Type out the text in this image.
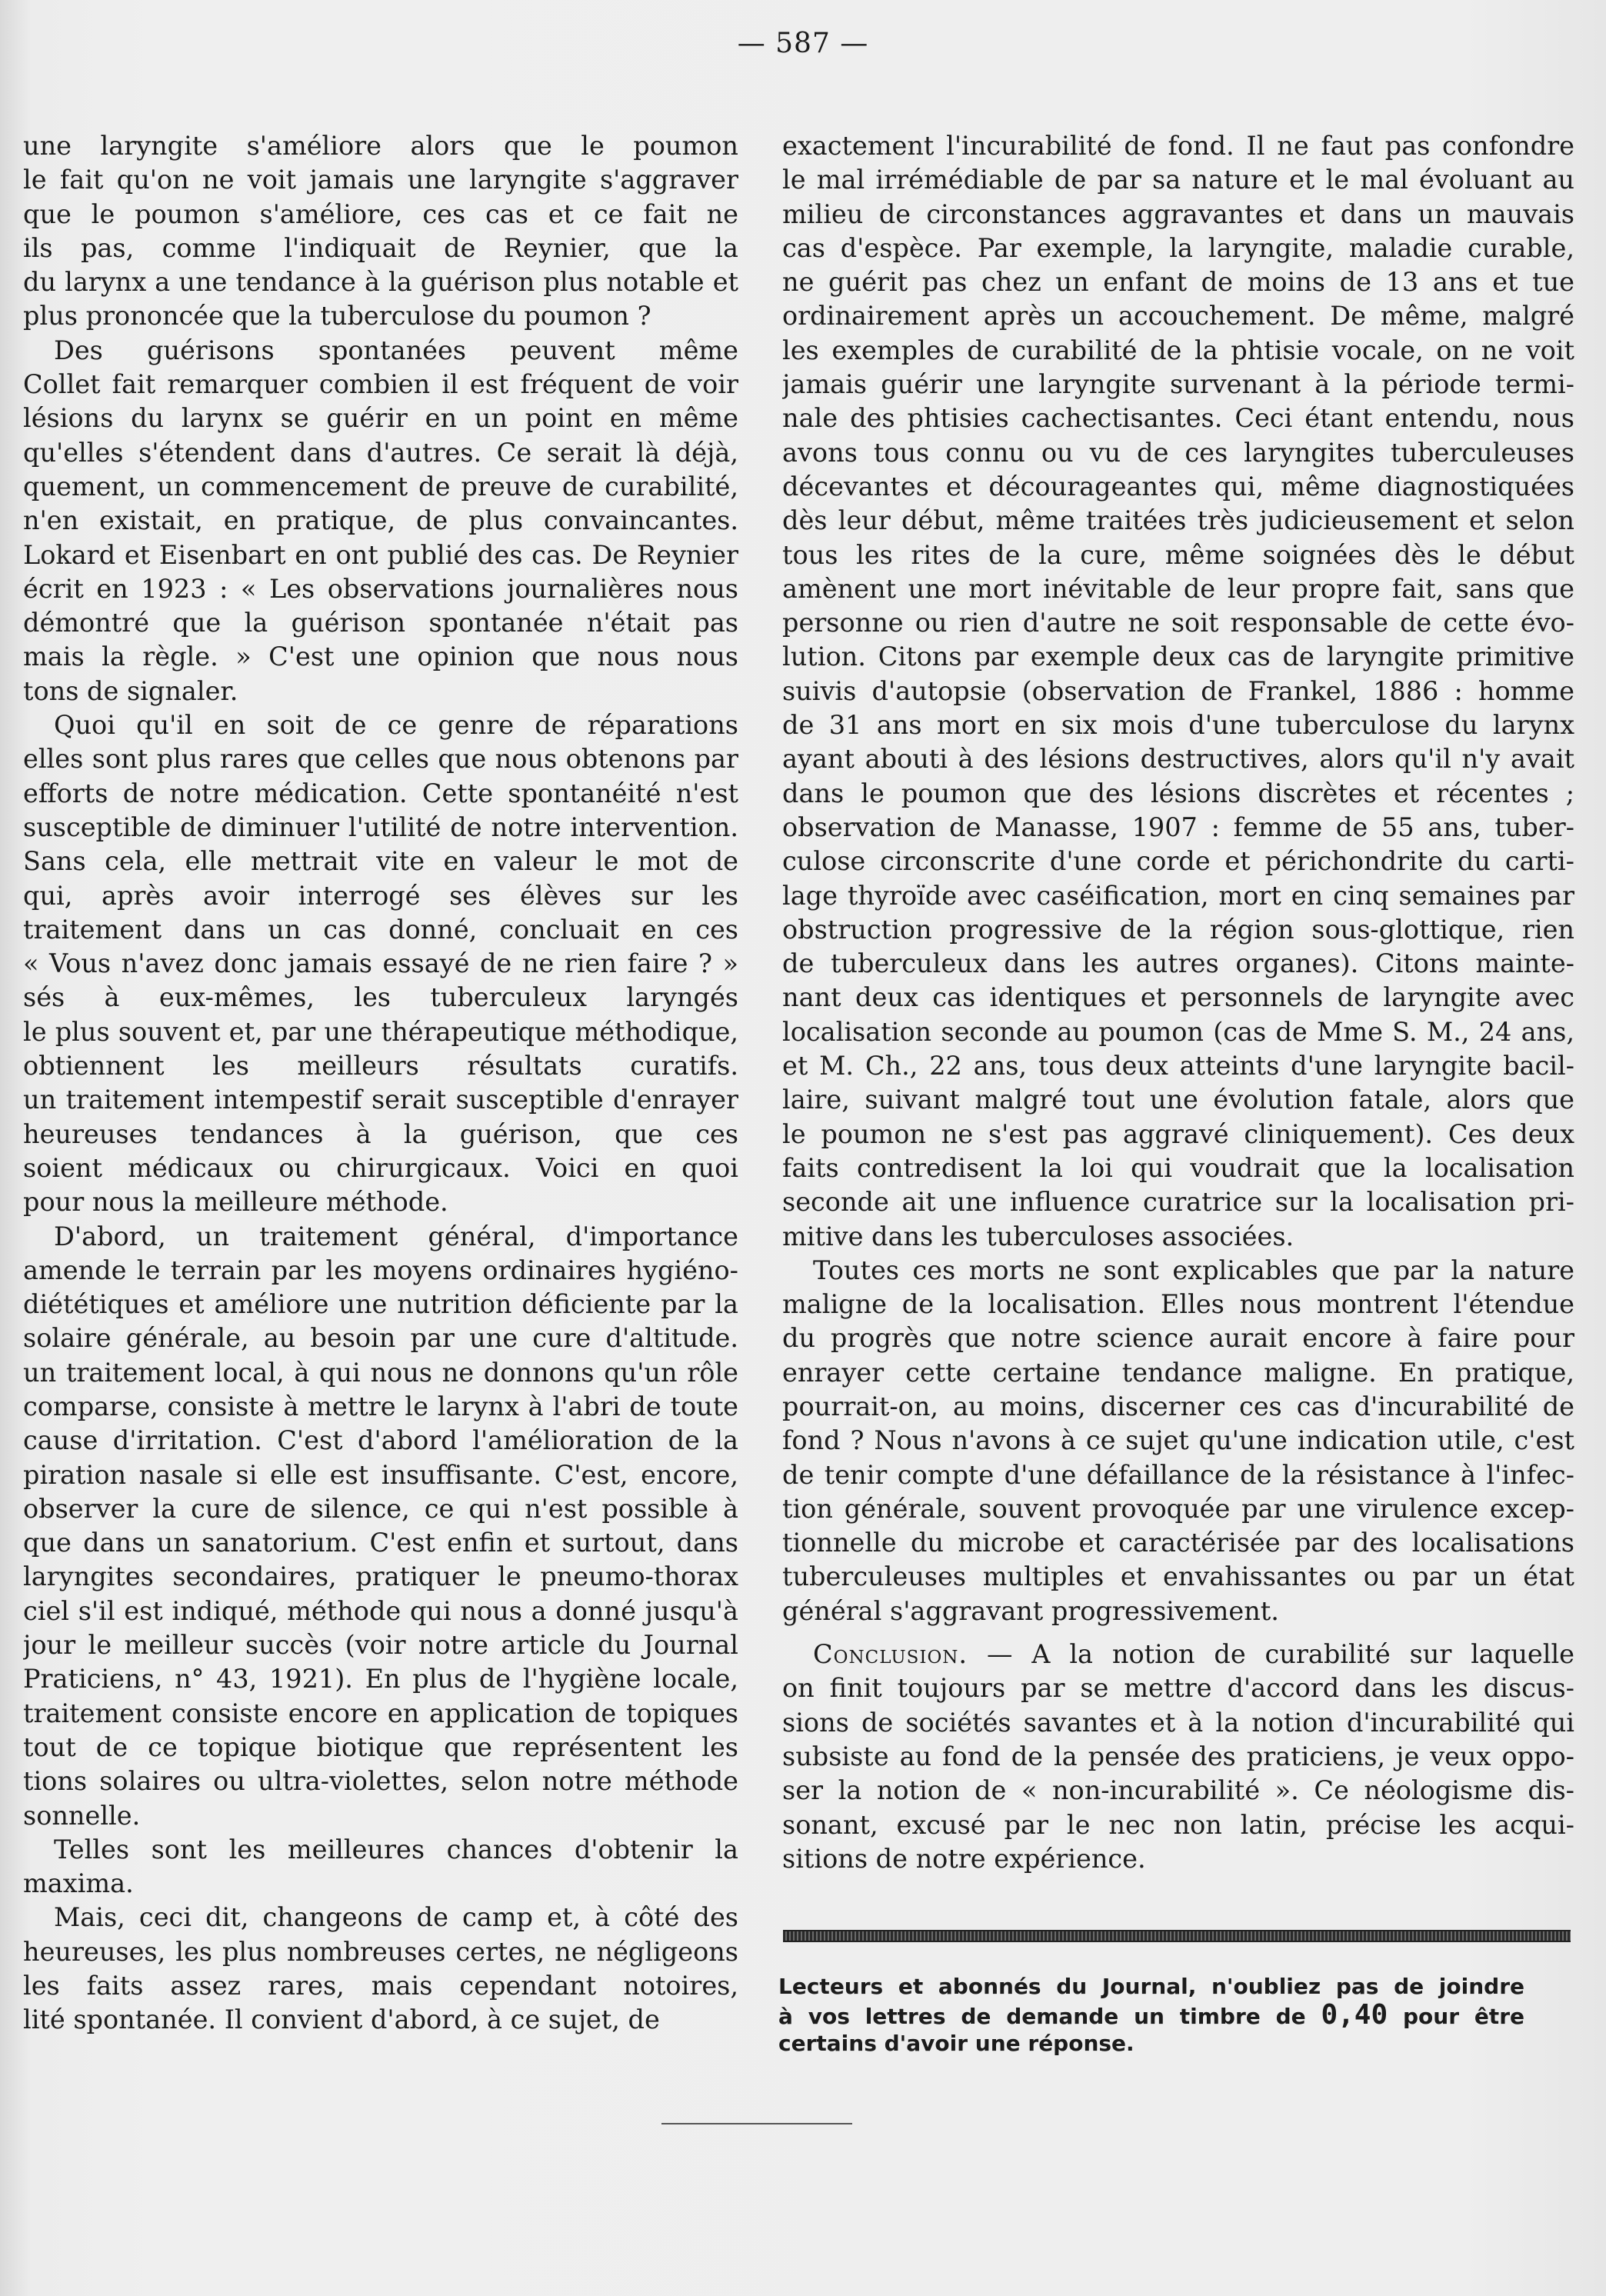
— 587 —
une laryngite s'améliore alors que le poumon
le fait qu'on ne voit jamais une laryngite s'aggraver
que le poumon s'améliore, ces cas et ce fait ne
ils pas, comme l'indiquait de Reynier, que la
du larynx a une tendance à la guérison plus notable et
plus prononcée que la tuberculose du poumon ?
Des guérisons spontanées peuvent même
Collet fait remarquer combien il est fréquent de voir
lésions du larynx se guérir en un point en même
qu'elles s'étendent dans d'autres. Ce serait là déjà,
quement, un commencement de preuve de curabilité,
n'en existait, en pratique, de plus convaincantes.
Lokard et Eisenbart en ont publié des cas. De Reynier
écrit en 1923 : « Les observations journalières nous
démontré que la guérison spontanée n'était pas
mais la règle. » C'est une opinion que nous nous
tons de signaler.
Quoi qu'il en soit de ce genre de réparations
elles sont plus rares que celles que nous obtenons par
efforts de notre médication. Cette spontanéité n'est
susceptible de diminuer l'utilité de notre intervention.
Sans cela, elle mettrait vite en valeur le mot de
qui, après avoir interrogé ses élèves sur les
traitement dans un cas donné, concluait en ces
« Vous n'avez donc jamais essayé de ne rien faire ? »
sés à eux-mêmes, les tuberculeux laryngés
le plus souvent et, par une thérapeutique méthodique,
obtiennent les meilleurs résultats curatifs.
un traitement intempestif serait susceptible d'enrayer
heureuses tendances à la guérison, que ces
soient médicaux ou chirurgicaux. Voici en quoi
pour nous la meilleure méthode.
D'abord, un traitement général, d'importance
amende le terrain par les moyens ordinaires hygiéno-
diététiques et améliore une nutrition déficiente par la
solaire générale, au besoin par une cure d'altitude.
un traitement local, à qui nous ne donnons qu'un rôle
comparse, consiste à mettre le larynx à l'abri de toute
cause d'irritation. C'est d'abord l'amélioration de la
piration nasale si elle est insuffisante. C'est, encore,
observer la cure de silence, ce qui n'est possible à
que dans un sanatorium. C'est enfin et surtout, dans
laryngites secondaires, pratiquer le pneumo-thorax
ciel s'il est indiqué, méthode qui nous a donné jusqu'à
jour le meilleur succès (voir notre article du Journal
Praticiens, n° 43, 1921). En plus de l'hygiène locale,
traitement consiste encore en application de topiques
tout de ce topique biotique que représentent les
tions solaires ou ultra-violettes, selon notre méthode
sonnelle.
Telles sont les meilleures chances d'obtenir la
maxima.
Mais, ceci dit, changeons de camp et, à côté des
heureuses, les plus nombreuses certes, ne négligeons
les faits assez rares, mais cependant notoires,
lité spontanée. Il convient d'abord, à ce sujet, de
exactement l'incurabilité de fond. Il ne faut pas confondre
le mal irrémédiable de par sa nature et le mal évoluant au
milieu de circonstances aggravantes et dans un mauvais
cas d'espèce. Par exemple, la laryngite, maladie curable,
ne guérit pas chez un enfant de moins de 13 ans et tue
ordinairement après un accouchement. De même, malgré
les exemples de curabilité de la phtisie vocale, on ne voit
jamais guérir une laryngite survenant à la période termi-
nale des phtisies cachectisantes. Ceci étant entendu, nous
avons tous connu ou vu de ces laryngites tuberculeuses
décevantes et décourageantes qui, même diagnostiquées
dès leur début, même traitées très judicieusement et selon
tous les rites de la cure, même soignées dès le début
amènent une mort inévitable de leur propre fait, sans que
personne ou rien d'autre ne soit responsable de cette évo-
lution. Citons par exemple deux cas de laryngite primitive
suivis d'autopsie (observation de Frankel, 1886 : homme
de 31 ans mort en six mois d'une tuberculose du larynx
ayant abouti à des lésions destructives, alors qu'il n'y avait
dans le poumon que des lésions discrètes et récentes ;
observation de Manasse, 1907 : femme de 55 ans, tuber-
culose circonscrite d'une corde et périchondrite du carti-
lage thyroïde avec caséification, mort en cinq semaines par
obstruction progressive de la région sous-glottique, rien
de tuberculeux dans les autres organes). Citons mainte-
nant deux cas identiques et personnels de laryngite avec
localisation seconde au poumon (cas de Mme S. M., 24 ans,
et M. Ch., 22 ans, tous deux atteints d'une laryngite bacil-
laire, suivant malgré tout une évolution fatale, alors que
le poumon ne s'est pas aggravé cliniquement). Ces deux
faits contredisent la loi qui voudrait que la localisation
seconde ait une influence curatrice sur la localisation pri-
mitive dans les tuberculoses associées.
Toutes ces morts ne sont explicables que par la nature
maligne de la localisation. Elles nous montrent l'étendue
du progrès que notre science aurait encore à faire pour
enrayer cette certaine tendance maligne. En pratique,
pourrait-on, au moins, discerner ces cas d'incurabilité de
fond ? Nous n'avons à ce sujet qu'une indication utile, c'est
de tenir compte d'une défaillance de la résistance à l'infec-
tion générale, souvent provoquée par une virulence excep-
tionnelle du microbe et caractérisée par des localisations
tuberculeuses multiples et envahissantes ou par un état
général s'aggravant progressivement.
Conclusion. — A la notion de curabilité sur laquelle
on finit toujours par se mettre d'accord dans les discus-
sions de sociétés savantes et à la notion d'incurabilité qui
subsiste au fond de la pensée des praticiens, je veux oppo-
ser la notion de « non-incurabilité ». Ce néologisme dis-
sonant, excusé par le nec non latin, précise les acqui-
sitions de notre expérience.
Lecteurs et abonnés du Journal, n'oubliez pas de joindre
à vos lettres de demande un timbre de 0,40 pour être
certains d'avoir une réponse.
